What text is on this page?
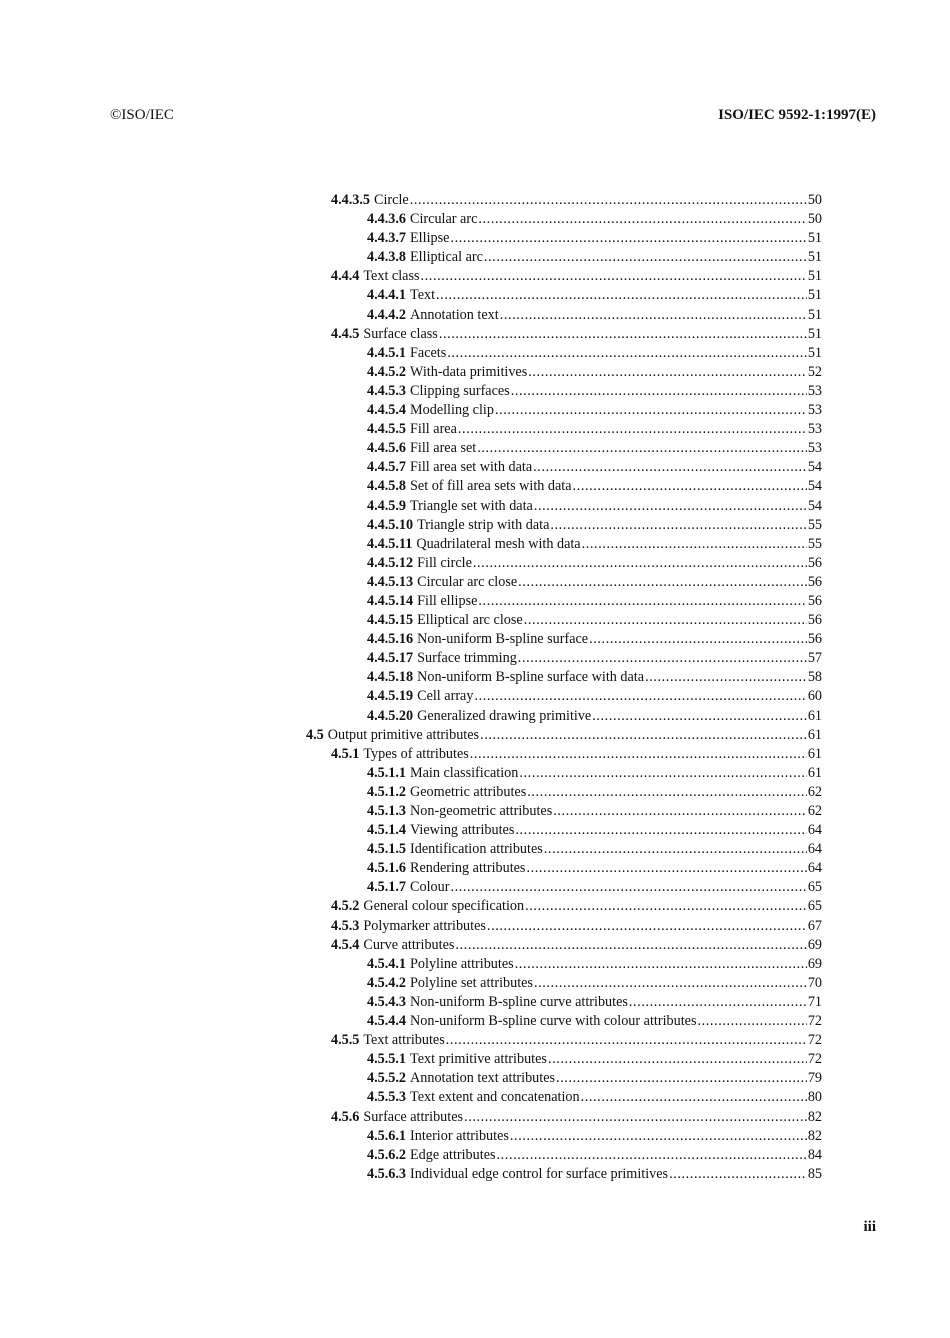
©ISO/IEC	ISO/IEC 9592-1:1997(E)
4.4.3.5 Circle .....	50
4.4.3.6 Circular arc .....	50
4.4.3.7 Ellipse .....	51
4.4.3.8 Elliptical arc .....	51
4.4.4 Text class .....	51
4.4.4.1 Text .....	51
4.4.4.2 Annotation text .....	51
4.4.5 Surface class .....	51
4.4.5.1 Facets .....	51
4.4.5.2 With-data primitives .....	52
4.4.5.3 Clipping surfaces .....	53
4.4.5.4 Modelling clip .....	53
4.4.5.5 Fill area .....	53
4.4.5.6 Fill area set .....	53
4.4.5.7 Fill area set with data .....	54
4.4.5.8 Set of fill area sets with data .....	54
4.4.5.9 Triangle set with data .....	54
4.4.5.10 Triangle strip with data .....	55
4.4.5.11 Quadrilateral mesh with data .....	55
4.4.5.12 Fill circle .....	56
4.4.5.13 Circular arc close .....	56
4.4.5.14 Fill ellipse .....	56
4.4.5.15 Elliptical arc close .....	56
4.4.5.16 Non-uniform B-spline surface .....	56
4.4.5.17 Surface trimming .....	57
4.4.5.18 Non-uniform B-spline surface with data .....	58
4.4.5.19 Cell array .....	60
4.4.5.20 Generalized drawing primitive .....	61
4.5 Output primitive attributes .....	61
4.5.1 Types of attributes .....	61
4.5.1.1 Main classification .....	61
4.5.1.2 Geometric attributes .....	62
4.5.1.3 Non-geometric attributes .....	62
4.5.1.4 Viewing attributes .....	64
4.5.1.5 Identification attributes .....	64
4.5.1.6 Rendering attributes .....	64
4.5.1.7 Colour .....	65
4.5.2 General colour specification .....	65
4.5.3 Polymarker attributes .....	67
4.5.4 Curve attributes .....	69
4.5.4.1 Polyline attributes .....	69
4.5.4.2 Polyline set attributes .....	70
4.5.4.3 Non-uniform B-spline curve attributes .....	71
4.5.4.4 Non-uniform B-spline curve with colour attributes .....	72
4.5.5 Text attributes .....	72
4.5.5.1 Text primitive attributes .....	72
4.5.5.2 Annotation text attributes .....	79
4.5.5.3 Text extent and concatenation .....	80
4.5.6 Surface attributes .....	82
4.5.6.1 Interior attributes .....	82
4.5.6.2 Edge attributes .....	84
4.5.6.3 Individual edge control for surface primitives .....	85
iii
